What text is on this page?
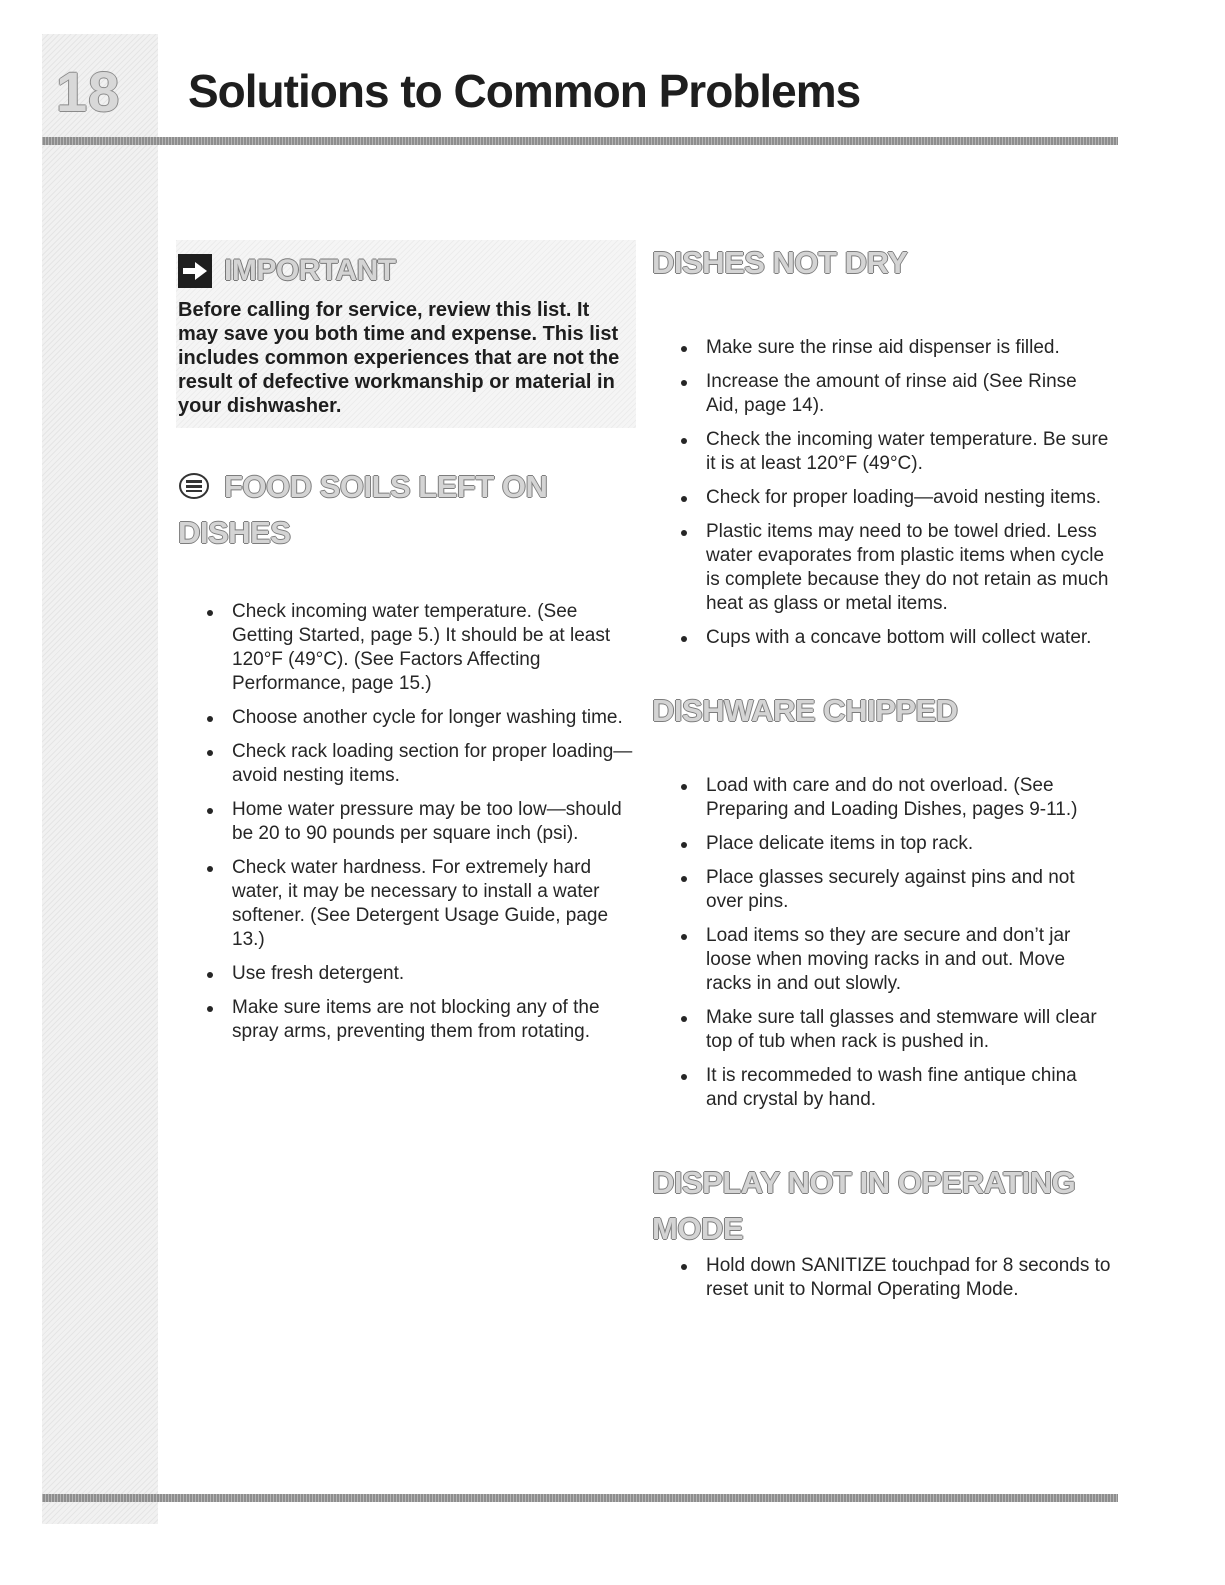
18 Solutions to Common Problems
IMPORTANT

Before calling for service, review this list. It may save you both time and expense. This list includes common experiences that are not the result of defective workmanship or material in your dishwasher.

FOOD SOILS LEFT ON
DISHES
Check incoming water temperature. (See Getting Started, page 5.) It should be at least 120°F (49°C). (See Factors Affecting Performance, page 15.)
Choose another cycle for longer washing time.
Check rack loading section for proper loading—avoid nesting items.
Home water pressure may be too low—should be 20 to 90 pounds per square inch (psi).
Check water hardness. For extremely hard water, it may be necessary to install a water softener. (See Detergent Usage Guide, page 13.)
Use fresh detergent.
Make sure items are not blocking any of the spray arms, preventing them from rotating.
DISHES NOT DRY
Make sure the rinse aid dispenser is filled.
Increase the amount of rinse aid (See Rinse Aid, page 14).
Check the incoming water temperature. Be sure it is at least 120°F (49°C).
Check for proper loading—avoid nesting items.
Plastic items may need to be towel dried. Less water evaporates from plastic items when cycle is complete because they do not retain as much heat as glass or metal items.
Cups with a concave bottom will collect water.
DISHWARE CHIPPED
Load with care and do not overload. (See Preparing and Loading Dishes, pages 9-11.)
Place delicate items in top rack.
Place glasses securely against pins and not over pins.
Load items so they are secure and don’t jar loose when moving racks in and out. Move racks in and out slowly.
Make sure tall glasses and stemware will clear top of tub when rack is pushed in.
It is recommeded to wash fine antique china and crystal by hand.
DISPLAY NOT IN OPERATING MODE
Hold down SANITIZE touchpad for 8 seconds to reset unit to Normal Operating Mode.
